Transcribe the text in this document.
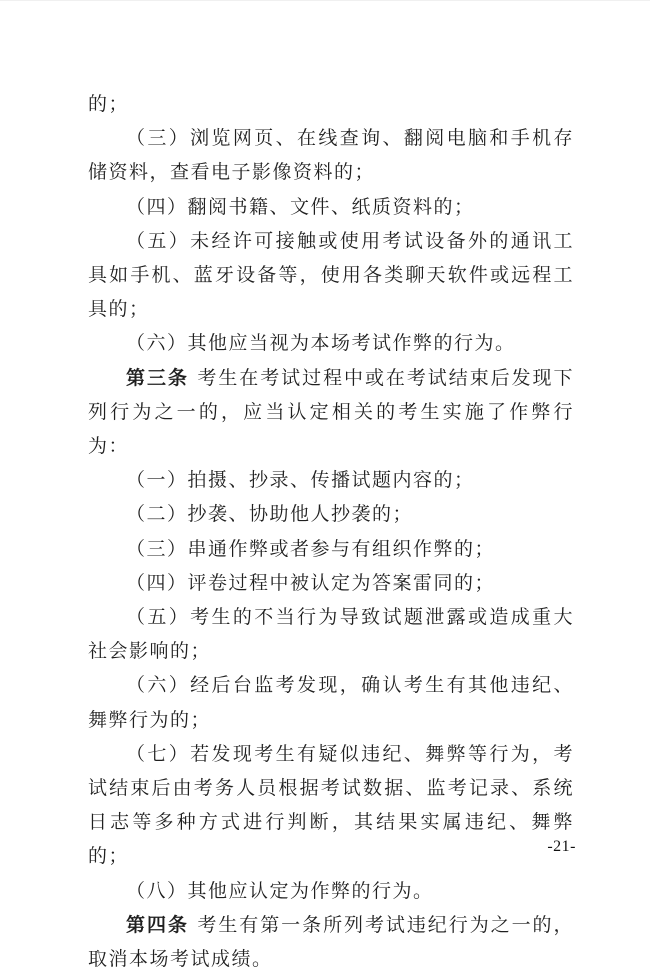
的；

（三）浏览网页、在线查询、翻阅电脑和手机存储资料，查看电子影像资料的；

（四）翻阅书籍、文件、纸质资料的；

（五）未经许可接触或使用考试设备外的通讯工具如手机、蓝牙设备等，使用各类聊天软件或远程工具的；

（六）其他应当视为本场考试作弊的行为。

第三条 考生在考试过程中或在考试结束后发现下列行为之一的，应当认定相关的考生实施了作弊行为：

（一）拍摄、抄录、传播试题内容的；

（二）抄袭、协助他人抄袭的；

（三）串通作弊或者参与有组织作弊的；

（四）评卷过程中被认定为答案雷同的；

（五）考生的不当行为导致试题泄露或造成重大社会影响的；

（六）经后台监考发现，确认考生有其他违纪、舞弊行为的；

（七）若发现考生有疑似违纪、舞弊等行为，考试结束后由考务人员根据考试数据、监考记录、系统日志等多种方式进行判断，其结果实属违纪、舞弊的；

（八）其他应认定为作弊的行为。

第四条 考生有第一条所列考试违纪行为之一的，取消本场考试成绩。

-21-
